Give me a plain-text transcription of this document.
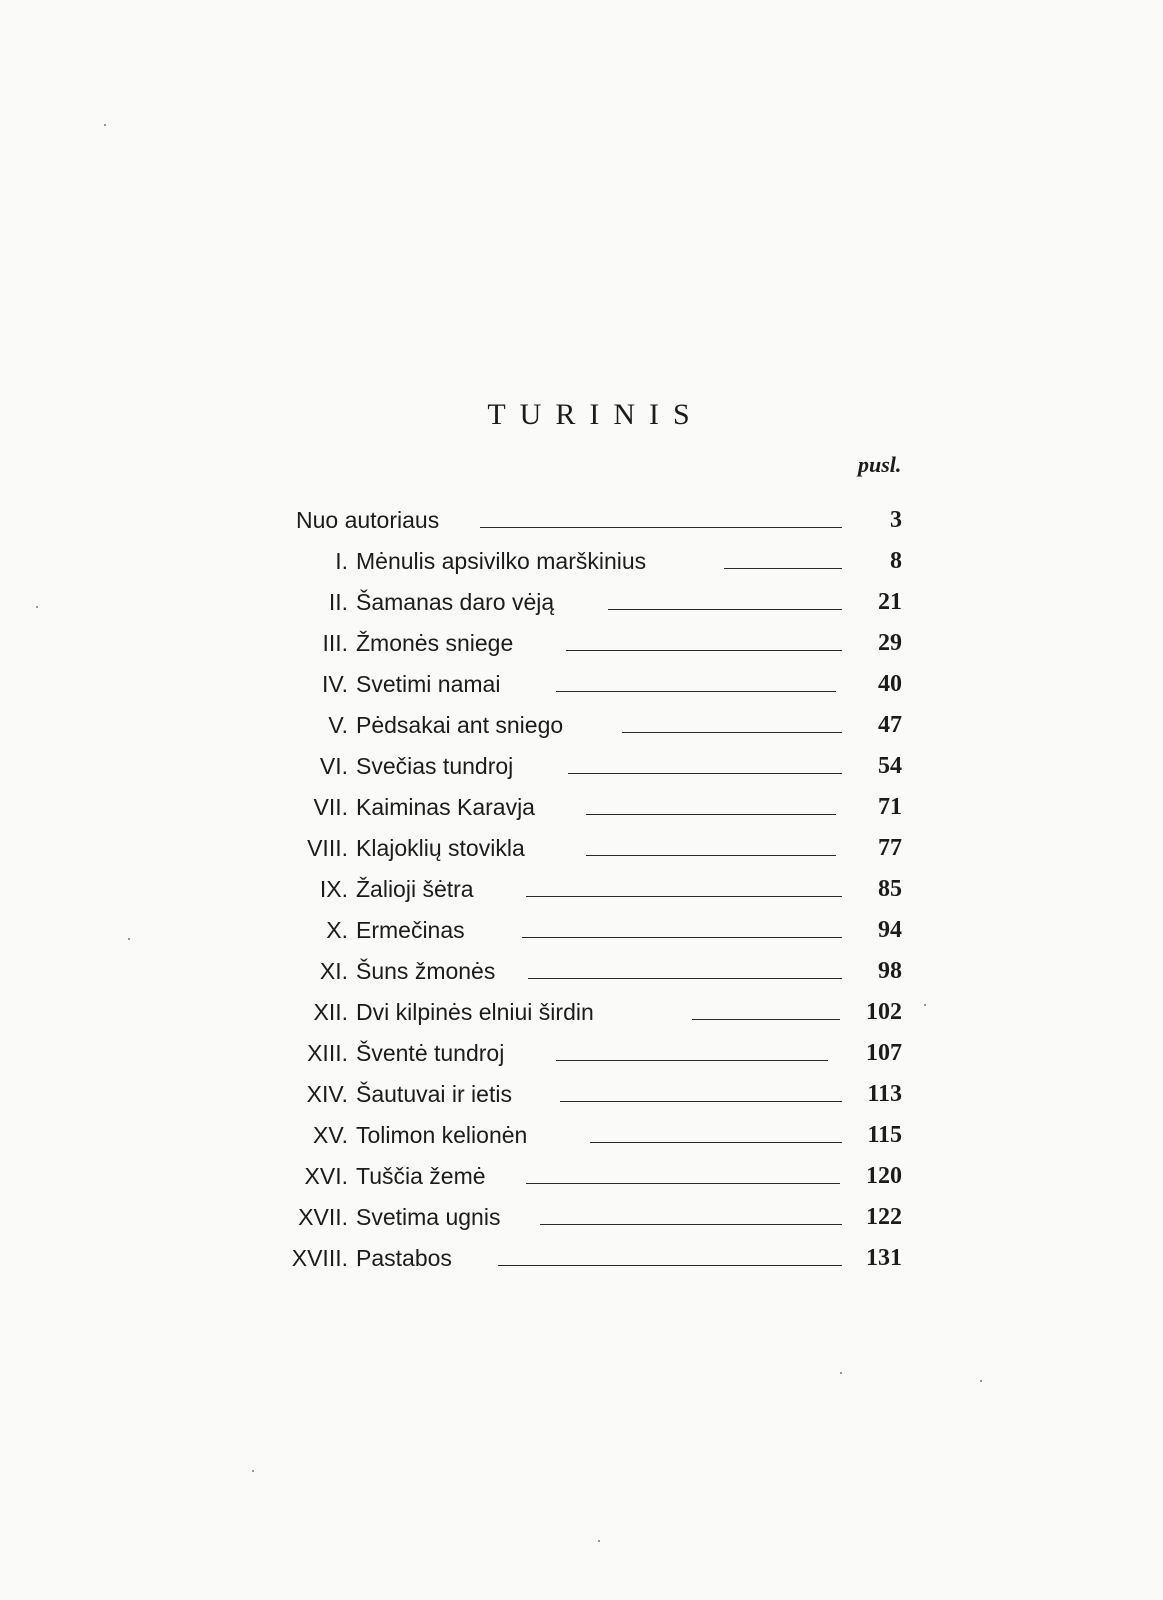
TURINIS
pusl.
Nuo autoriaus	3
I. Mėnulis apsivilko marškinius	8
II. Šamanas daro vėją	21
III. Žmonės sniege	29
IV. Svetimi namai	40
V. Pėdsakai ant sniego	47
VI. Svečias tundroj	54
VII. Kaiminas Karavja	71
VIII. Klajoklių stovikla	77
IX. Žalioji šėtra	85
X. Ermečinas	94
XI. Šuns žmonės	98
XII. Dvi kilpinės elniui širdin	102
XIII. Šventė tundroj	107
XIV. Šautuvai ir ietis	113
XV. Tolimon kelionėn	115
XVI. Tuščia žemė	120
XVII. Svetima ugnis	122
XVIII. Pastabos	131
